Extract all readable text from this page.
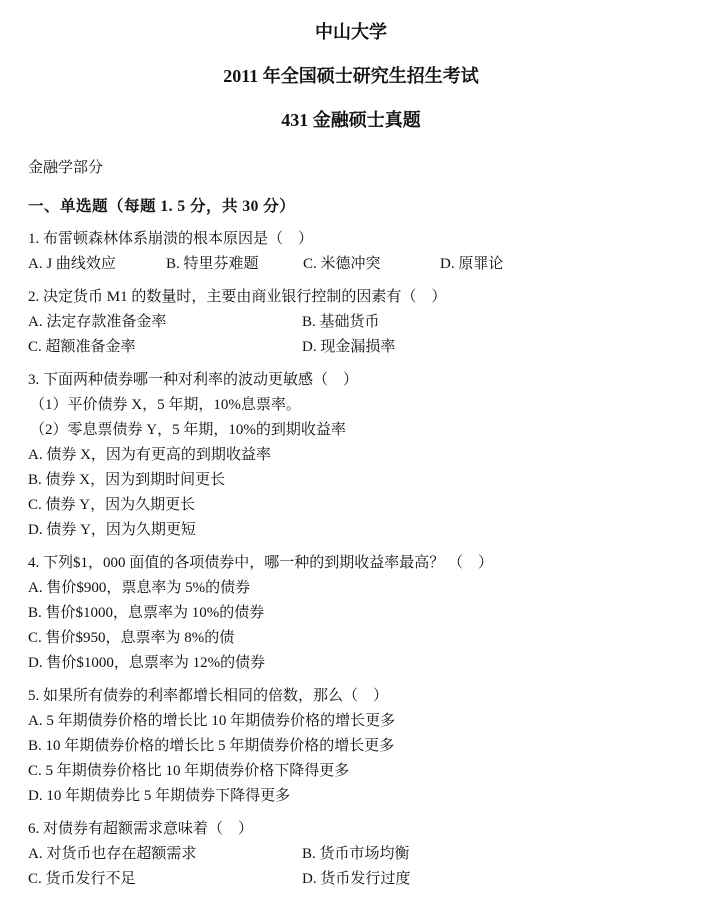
中山大学
2011 年全国硕士研究生招生考试
431 金融硕士真题
金融学部分
一、单选题（每题 1. 5 分，共 30 分）
1. 布雷顿森林体系崩溃的根本原因是（    ）
A. J 曲线效应	B. 特里芬难题	C. 米德冲突	D. 原罪论
2. 决定货币 M1 的数量时，主要由商业银行控制的因素有（    ）
A. 法定存款准备金率	B. 基础货币
C. 超额准备金率	D. 现金漏损率
3. 下面两种债券哪一种对利率的波动更敏感（    ）
（1）平价债券 X，5 年期，10%息票率。
（2）零息票债券 Y，5 年期，10%的到期收益率
A. 债券 X，因为有更高的到期收益率
B. 债券 X，因为到期时间更长
C. 债券 Y，因为久期更长
D. 债券 Y，因为久期更短
4. 下列$1，000 面值的各项债券中，哪一种的到期收益率最高？ （    ）
A. 售价$900，票息率为 5%的债券
B. 售价$1000，息票率为 10%的债券
C. 售价$950，息票率为 8%的债
D. 售价$1000，息票率为 12%的债券
5. 如果所有债券的利率都增长相同的倍数，那么（    ）
A. 5 年期债券价格的增长比 10 年期债券价格的增长更多
B. 10 年期债券价格的增长比 5 年期债券价格的增长更多
C. 5 年期债券价格比 10 年期债券价格下降得更多
D. 10 年期债券比 5 年期债券下降得更多
6. 对债券有超额需求意味着（    ）
A. 对货币也存在超额需求	B. 货币市场均衡
C. 货币发行不足	D. 货币发行过度
